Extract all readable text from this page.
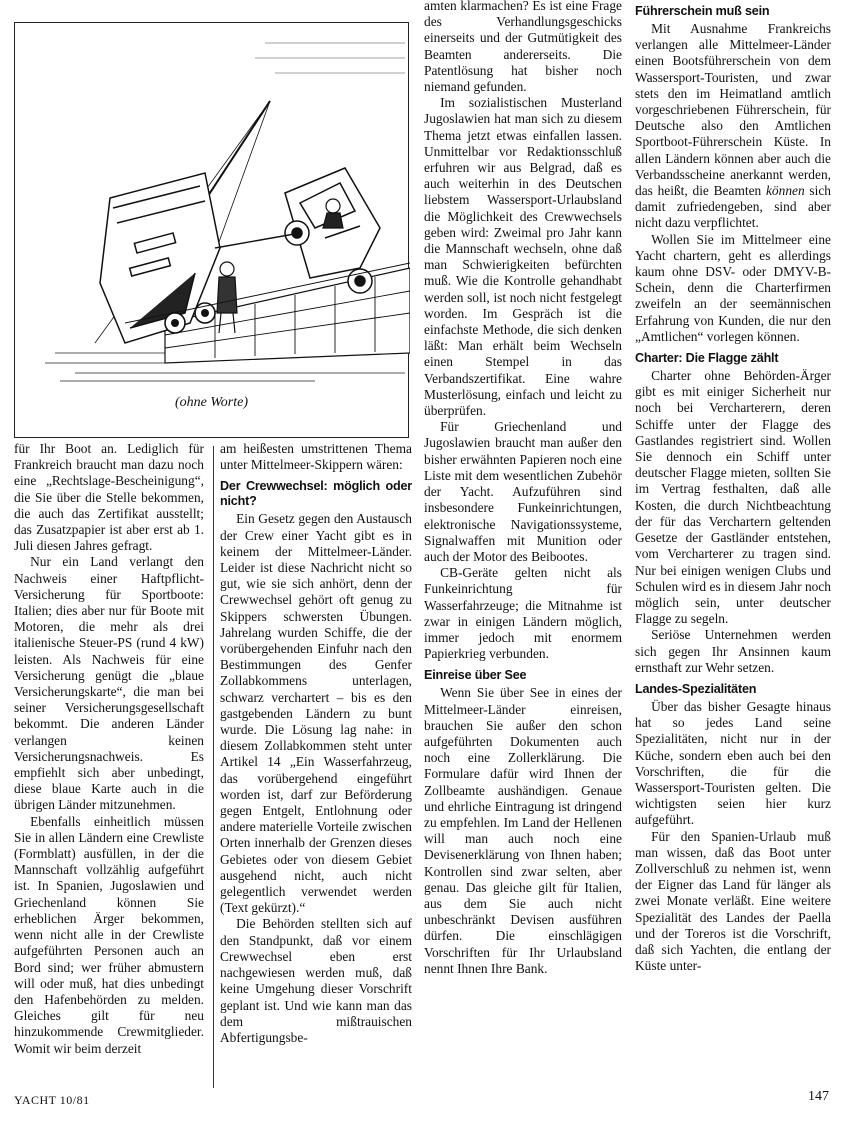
(ohne Worte)

für Ihr Boot an. Lediglich für Frankreich braucht man dazu noch eine „Rechtslage-Bescheinigung“, die Sie über die Stelle bekommen, die auch das Zertifikat ausstellt; das Zusatzpapier ist aber erst ab 1. Juli diesen Jahres gefragt.

Nur ein Land verlangt den Nachweis einer Haftpflicht-Versicherung für Sportboote: Italien; dies aber nur für Boote mit Motoren, die mehr als drei italienische Steuer-PS (rund 4 kW) leisten. Als Nachweis für eine Versicherung genügt die „blaue Versicherungskarte“, die man bei seiner Versicherungsgesellschaft bekommt. Die anderen Länder verlangen keinen Versicherungsnachweis. Es empfiehlt sich aber unbedingt, diese blaue Karte auch in die übrigen Länder mitzunehmen.

Ebenfalls einheitlich müssen Sie in allen Ländern eine Crewliste (Formblatt) ausfüllen, in der die Mannschaft vollzählig aufgeführt ist. In Spanien, Jugoslawien und Griechenland können Sie erheblichen Ärger bekommen, wenn nicht alle in der Crewliste aufgeführten Personen auch an Bord sind; wer früher abmustern will oder muß, hat dies unbedingt den Hafenbehörden zu melden. Gleiches gilt für neu hinzukommende Crewmitglieder. Womit wir beim derzeit

am heißesten umstrittenen Thema unter Mittelmeer-Skippern wären:

Der Crewwechsel: möglich oder nicht?

Ein Gesetz gegen den Austausch der Crew einer Yacht gibt es in keinem der Mittelmeer-Länder. Leider ist diese Nachricht nicht so gut, wie sie sich anhört, denn der Crewwechsel gehört oft genug zu Skippers schwersten Übungen. Jahrelang wurden Schiffe, die der vorübergehenden Einfuhr nach den Bestimmungen des Genfer Zollabkommens unterlagen, schwarz verchartert – bis es den gastgebenden Ländern zu bunt wurde. Die Lösung lag nahe: in diesem Zollabkommen steht unter Artikel 14 „Ein Wasserfahrzeug, das vorübergehend eingeführt worden ist, darf zur Beförderung gegen Entgelt, Entlohnung oder andere materielle Vorteile zwischen Orten innerhalb der Grenzen dieses Gebietes oder von diesem Gebiet ausgehend nicht, auch nicht gelegentlich verwendet werden (Text gekürzt).“

Die Behörden stellten sich auf den Standpunkt, daß vor einem Crewwechsel eben erst nachgewiesen werden muß, daß keine Umgehung dieser Vorschrift geplant ist. Und wie kann man das dem mißtrauischen Abfertigungsbe-

amten klarmachen? Es ist eine Frage des Verhandlungsgeschicks einerseits und der Gutmütigkeit des Beamten andererseits. Die Patentlösung hat bisher noch niemand gefunden.

Im sozialistischen Musterland Jugoslawien hat man sich zu diesem Thema jetzt etwas einfallen lassen. Unmittelbar vor Redaktionsschluß erfuhren wir aus Belgrad, daß es auch weiterhin in des Deutschen liebstem Wassersport-Urlaubsland die Möglichkeit des Crewwechsels geben wird: Zweimal pro Jahr kann die Mannschaft wechseln, ohne daß man Schwierigkeiten befürchten muß. Wie die Kontrolle gehandhabt werden soll, ist noch nicht festgelegt worden. Im Gespräch ist die einfachste Methode, die sich denken läßt: Man erhält beim Wechseln einen Stempel in das Verbandszertifikat. Eine wahre Musterlösung, einfach und leicht zu überprüfen.

Für Griechenland und Jugoslawien braucht man außer den bisher erwähnten Papieren noch eine Liste mit dem wesentlichen Zubehör der Yacht. Aufzuführen sind insbesondere Funkeinrichtungen, elektronische Navigationssysteme, Signalwaffen mit Munition oder auch der Motor des Beibootes.

CB-Geräte gelten nicht als Funkeinrichtung für Wasserfahrzeuge; die Mitnahme ist zwar in einigen Ländern möglich, immer jedoch mit enormem Papierkrieg verbunden.

Einreise über See

Wenn Sie über See in eines der Mittelmeer-Länder einreisen, brauchen Sie außer den schon aufgeführten Dokumenten auch noch eine Zollerklärung. Die Formulare dafür wird Ihnen der Zollbeamte aushändigen. Genaue und ehrliche Eintragung ist dringend zu empfehlen. Im Land der Hellenen will man auch noch eine Devisenerklärung von Ihnen haben; Kontrollen sind zwar selten, aber genau. Das gleiche gilt für Italien, aus dem Sie auch nicht unbeschränkt Devisen ausführen dürfen. Die einschlägigen Vorschriften für Ihr Urlaubsland nennt Ihnen Ihre Bank.

Führerschein muß sein

Mit Ausnahme Frankreichs verlangen alle Mittelmeer-Länder einen Bootsführerschein von dem Wassersport-Touristen, und zwar stets den im Heimatland amtlich vorgeschriebenen Führerschein, für Deutsche also den Amtlichen Sportboot-Führerschein Küste. In allen Ländern können aber auch die Verbandsscheine anerkannt werden, das heißt, die Beamten können sich damit zufriedengeben, sind aber nicht dazu verpflichtet.

Wollen Sie im Mittelmeer eine Yacht chartern, geht es allerdings kaum ohne DSV- oder DMYV-B-Schein, denn die Charterfirmen zweifeln an der seemännischen Erfahrung von Kunden, die nur den „Amtlichen“ vorlegen können.

Charter: Die Flagge zählt

Charter ohne Behörden-Ärger gibt es mit einiger Sicherheit nur noch bei Vercharterern, deren Schiffe unter der Flagge des Gastlandes registriert sind. Wollen Sie dennoch ein Schiff unter deutscher Flagge mieten, sollten Sie im Vertrag festhalten, daß alle Kosten, die durch Nichtbeachtung der für das Verchartern geltenden Gesetze der Gastländer entstehen, vom Vercharterer zu tragen sind. Nur bei einigen wenigen Clubs und Schulen wird es in diesem Jahr noch möglich sein, unter deutscher Flagge zu segeln.

Seriöse Unternehmen werden sich gegen Ihr Ansinnen kaum ernsthaft zur Wehr setzen.

Landes-Spezialitäten

Über das bisher Gesagte hinaus hat so jedes Land seine Spezialitäten, nicht nur in der Küche, sondern eben auch bei den Vorschriften, die für die Wassersport-Touristen gelten. Die wichtigsten seien hier kurz aufgeführt.

Für den Spanien-Urlaub muß man wissen, daß das Boot unter Zollverschluß zu nehmen ist, wenn der Eigner das Land für länger als zwei Monate verläßt. Eine weitere Spezialität des Landes der Paella und der Toreros ist die Vorschrift, daß sich Yachten, die entlang der Küste unter-

YACHT 10/81	147
